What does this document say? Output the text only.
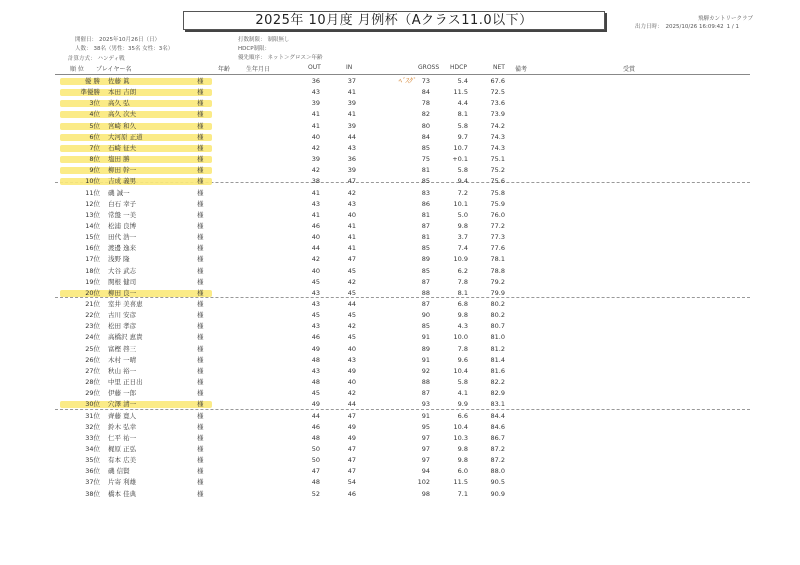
2025年 10月度 月例杯（Aクラス11.0以下）	飛騨カントリークラブ
出力日時： 2025/10/26 16:09:42 1 / 1
開催日： 2025年10月26日（日）
人数： 38名（男性：35名 女性：3名）
計算方式： ハンディ戦
打数制限： 制限無し
HDCP制限：
優先順序： ネット＞グロス＞年齢
順 位 プレイヤー名	年齢	生年月日	OUT	IN	GROSS HDCP	NET 備考	受賞
ﾍﾞｽｸﾞ
優 勝 佐藤 眞	様	36	37	73	5.4	67.6
準優勝 本田 吉朗	様	43	41	84	11.5	72.5
3位 高久 弘	様	39	39	78	4.4	73.6
4位 高久 次夫	様	41	41	82	8.1	73.9
5位 宮崎 和久	様	41	39	80	5.8	74.2
6位 大河原 正道	様	40	44	84	9.7	74.3
7位 石崎 征夫	様	42	43	85	10.7	74.3
8位 塩田 勝	様	39	36	75	+0.1	75.1
9位 柳田 幹一	様	42	39	81	5.8	75.2
10位 吉成 義男	様	38	47	85	9.4	75.6
11位 磯 誠一	様	41	42	83	7.2	75.8
12位 白石 幸子	様	43	43	86	10.1	75.9
13位 常盤 一美	様	41	40	81	5.0	76.0
14位 松浦 良博	様	46	41	87	9.8	77.2
15位 田代 浩一	様	40	41	81	3.7	77.3
16位 渡邊 逸来	様	44	41	85	7.4	77.6
17位 浅野 隆	様	42	47	89	10.9	78.1
18位 大谷 武志	様	40	45	85	6.2	78.8
19位 関根 健司	様	45	42	87	7.8	79.2
20位 柳田 良一	様	43	45	88	8.1	79.9
21位 室井 美喜恵	様	43	44	87	6.8	80.2
22位 古川 安彦	様	45	45	90	9.8	80.2
23位 松田 孝彦	様	43	42	85	4.3	80.7
24位 高橋沢 恵貴	様	46	45	91	10.0	81.0
25位 富樫 啓三	様	49	40	89	7.8	81.2
26位 木村 一晴	様	48	43	91	9.6	81.4
27位 秋山 裕一	様	43	49	92	10.4	81.6
28位 中里 正日出	様	48	40	88	5.8	82.2
29位 伊藤 一郎	様	45	42	87	4.1	82.9
30位 穴澤 清一	様	49	44	93	9.9	83.1
31位 齊藤 寛人	様	44	47	91	6.6	84.4
32位 鈴木 弘幸	様	46	49	95	10.4	84.6
33位 仁平 祐一	様	48	49	97	10.3	86.7
34位 梶原 正弘	様	50	47	97	9.8	87.2
35位 有本 広美	様	50	47	97	9.8	87.2
36位 磯 信賢	様	47	47	94	6.0	88.0
37位 片寄 利雄	様	48	54	102	11.5	90.5
38位 橋本 佳典	様	52	46	98	7.1	90.9
